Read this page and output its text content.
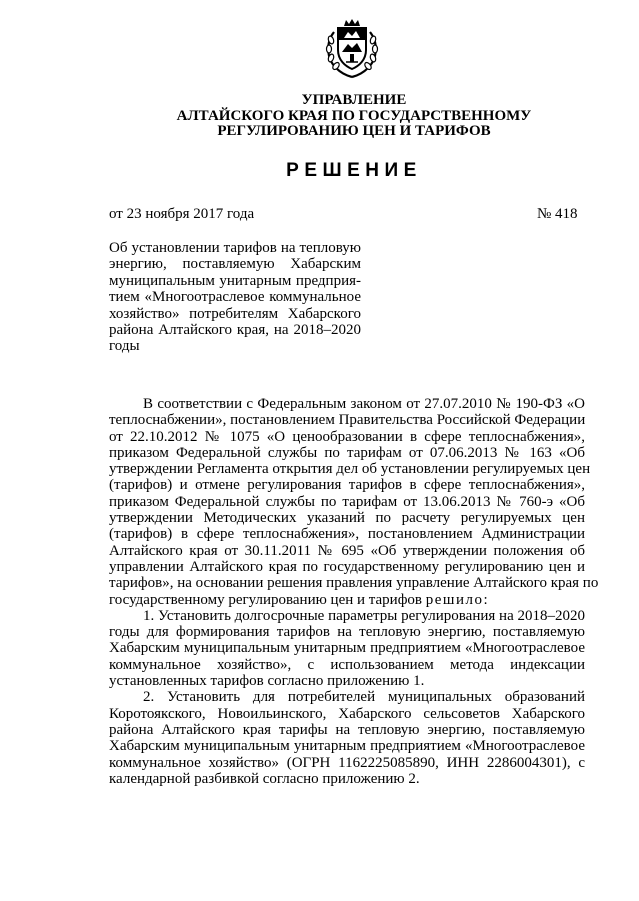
УПРАВЛЕНИЕ
АЛТАЙСКОГО КРАЯ ПО ГОСУДАРСТВЕННОМУ
РЕГУЛИРОВАНИЮ ЦЕН И ТАРИФОВ
РЕШЕНИЕ
от 23 ноября 2017 года	№ 418
Об установлении тарифов на тепловую
энергию, поставляемую Хабарским
муниципальным унитарным предприя-
тием «Многоотраслевое коммунальное
хозяйство» потребителям Хабарского
района Алтайского края, на 2018–2020
годы
В соответствии с Федеральным законом от 27.07.2010 № 190-ФЗ «О
теплоснабжении», постановлением Правительства Российской Федерации
от 22.10.2012 № 1075 «О ценообразовании в сфере теплоснабжения»,
приказом Федеральной службы по тарифам от 07.06.2013 № 163 «Об
утверждении Регламента открытия дел об установлении регулируемых цен
(тарифов) и отмене регулирования тарифов в сфере теплоснабжения»,
приказом Федеральной службы по тарифам от 13.06.2013 № 760-э «Об
утверждении Методических указаний по расчету регулируемых цен
(тарифов) в сфере теплоснабжения», постановлением Администрации
Алтайского края от 30.11.2011 № 695 «Об утверждении положения об
управлении Алтайского края по государственному регулированию цен и
тарифов», на основании решения правления управление Алтайского края по
государственному регулированию цен и тарифов решило:
1. Установить долгосрочные параметры регулирования на 2018–2020
годы для формирования тарифов на тепловую энергию, поставляемую
Хабарским муниципальным унитарным предприятием «Многоотраслевое
коммунальное хозяйство», с использованием метода индексации
установленных тарифов согласно приложению 1.
2. Установить для потребителей муниципальных образований
Коротоякского, Новоильинского, Хабарского сельсоветов Хабарского
района Алтайского края тарифы на тепловую энергию, поставляемую
Хабарским муниципальным унитарным предприятием «Многоотраслевое
коммунальное хозяйство» (ОГРН 1162225085890, ИНН 2286004301), с
календарной разбивкой согласно приложению 2.
